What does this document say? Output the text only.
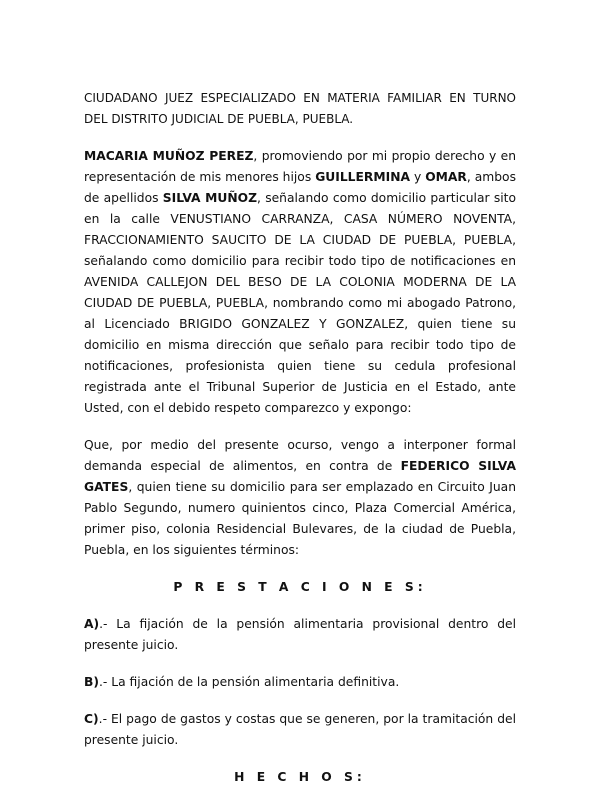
CIUDADANO JUEZ ESPECIALIZADO EN MATERIA FAMILIAR EN TURNO DEL DISTRITO JUDICIAL DE PUEBLA, PUEBLA.

MACARIA MUÑOZ PEREZ, promoviendo por mi propio derecho y en representación de mis menores hijos GUILLERMINA y OMAR, ambos de apellidos SILVA MUÑOZ, señalando como domicilio particular sito en la calle VENUSTIANO CARRANZA, CASA NÚMERO NOVENTA, FRACCIONAMIENTO SAUCITO DE LA CIUDAD DE PUEBLA, PUEBLA, señalando como domicilio para recibir todo tipo de notificaciones en AVENIDA CALLEJON DEL BESO DE LA COLONIA MODERNA DE LA CIUDAD DE PUEBLA, PUEBLA, nombrando como mi abogado Patrono, al Licenciado BRIGIDO GONZALEZ Y GONZALEZ, quien tiene su domicilio en misma dirección que señalo para recibir todo tipo de notificaciones, profesionista quien tiene su cedula profesional registrada ante el Tribunal Superior de Justicia en el Estado, ante Usted, con el debido respeto comparezco y expongo:

Que, por medio del presente ocurso, vengo a interponer formal demanda especial de alimentos, en contra de FEDERICO SILVA GATES, quien tiene su domicilio para ser emplazado en Circuito Juan Pablo Segundo, numero quinientos cinco, Plaza Comercial América, primer piso, colonia Residencial Bulevares, de la ciudad de Puebla, Puebla, en los siguientes términos:

P R E S T A C I O N E S:

A).- La fijación de la pensión alimentaria provisional dentro del presente juicio.

B).- La fijación de la pensión alimentaria definitiva.

C).- El pago de gastos y costas que se generen, por la tramitación del presente juicio.

H E C H O S:
